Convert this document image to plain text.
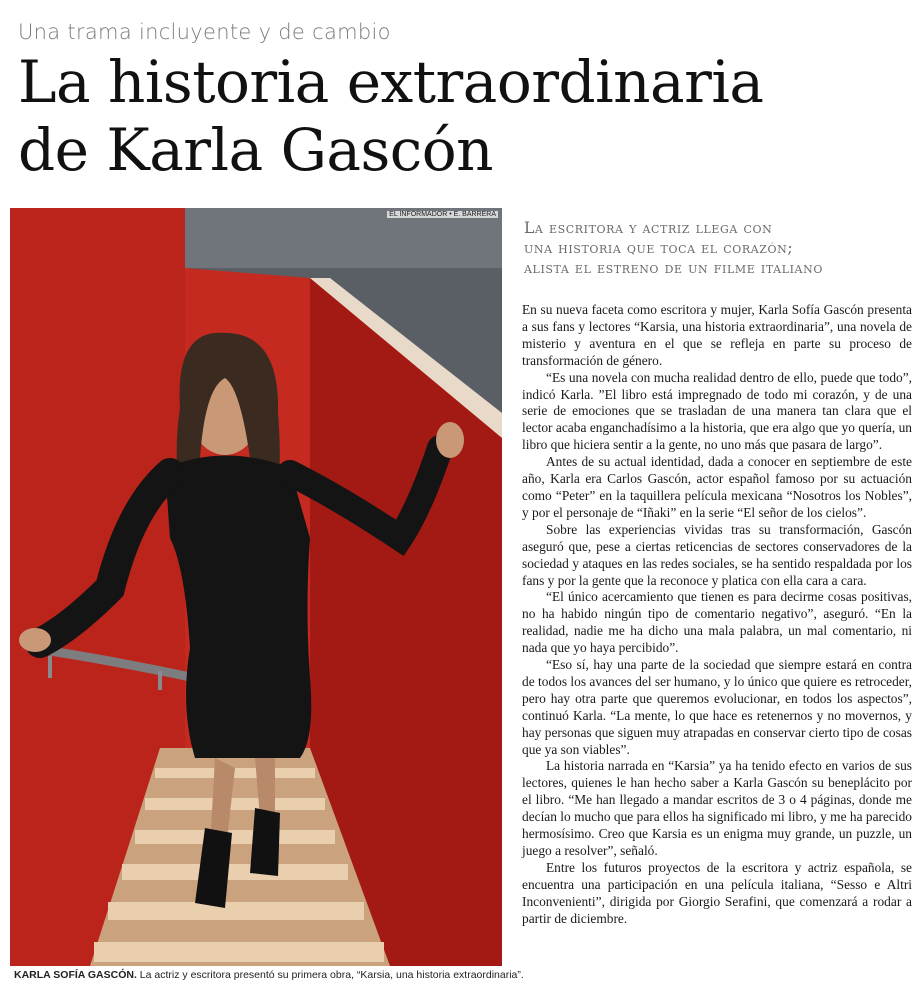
Una trama incluyente y de cambio
La historia extraordinaria
de Karla Gascón
EL INFORMADOR • E. BARRERA
KARLA SOFÍA GASCÓN. La actriz y escritora presentó su primera obra, “Karsia, una historia extraordinaria”.
La escritora y actriz llega con
una historia que toca el corazón;
alista el estreno de un filme italiano

En su nueva faceta como escritora y mujer, Karla Sofía Gascón presenta a sus fans y lectores “Karsia, una historia extraordinaria”, una novela de misterio y aventura en el que se refleja en parte su proceso de transformación de género.

“Es una novela con mucha realidad dentro de ello, puede que todo”, indicó Karla. ”El libro está impregnado de todo mi corazón, y de una serie de emociones que se trasladan de una manera tan clara que el lector acaba enganchadísimo a la historia, que era algo que yo quería, un libro que hiciera sentir a la gente, no uno más que pasara de largo”.

Antes de su actual identidad, dada a conocer en septiembre de este año, Karla era Carlos Gascón, actor español famoso por su actuación como “Peter” en la taquillera película mexicana “Nosotros los Nobles”, y por el personaje de “Iñaki” en la serie “El señor de los cielos”.

Sobre las experiencias vividas tras su transformación, Gascón aseguró que, pese a ciertas reticencias de sectores conservadores de la sociedad y ataques en las redes sociales, se ha sentido respaldada por los fans y por la gente que la reconoce y platica con ella cara a cara.

“El único acercamiento que tienen es para decirme cosas positivas, no ha habido ningún tipo de comentario negativo”, aseguró. “En la realidad, nadie me ha dicho una mala palabra, un mal comentario, ni nada que yo haya percibido”.

“Eso sí, hay una parte de la sociedad que siempre estará en contra de todos los avances del ser humano, y lo único que quiere es retroceder, pero hay otra parte que queremos evolucionar, en todos los aspectos”, continuó Karla. “La mente, lo que hace es retenernos y no movernos, y hay personas que siguen muy atrapadas en conservar cierto tipo de cosas que ya son viables”.

La historia narrada en “Karsia” ya ha tenido efecto en varios de sus lectores, quienes le han hecho saber a Karla Gascón su beneplácito por el libro. “Me han llegado a mandar escritos de 3 o 4 páginas, donde me decían lo mucho que para ellos ha significado mi libro, y me ha parecido hermosísimo. Creo que Karsia es un enigma muy grande, un puzzle, un juego a resolver”, señaló.

Entre los futuros proyectos de la escritora y actriz española, se encuentra una participación en una película italiana, “Sesso e Altri Inconvenienti”, dirigida por Giorgio Serafini, que comenzará a rodar a partir de diciembre.
